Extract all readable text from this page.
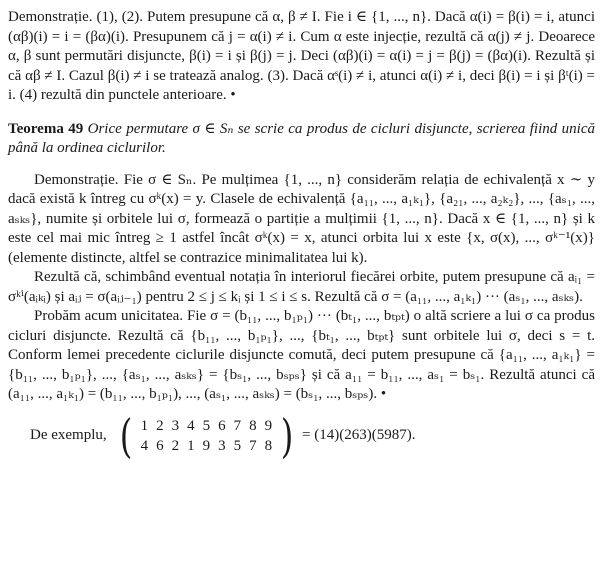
Demonstrație. (1), (2). Putem presupune că α, β ≠ I. Fie i ∈ {1, ..., n}. Dacă α(i) = β(i) = i, atunci (αβ)(i) = i = (βα)(i). Presupunem că j = α(i) ≠ i. Cum α este injecție, rezultă că α(j) ≠ j. Deoarece α, β sunt permutări disjuncte, β(i) = i și β(j) = j. Deci (αβ)(i) = α(i) = j = β(j) = (βα)(i). Rezultă și că αβ ≠ I. Cazul β(i) ≠ i se tratează analog. (3). Dacă αˢ(i) ≠ i, atunci α(i) ≠ i, deci β(i) = i și βᵗ(i) = i. (4) rezultă din punctele anterioare. •

Teorema 49 Orice permutare σ ∈ Sₙ se scrie ca produs de cicluri disjuncte, scrierea fiind unică până la ordinea ciclurilor.

Demonstrație. Fie σ ∈ Sₙ. Pe mulțimea {1, ..., n} considerăm relația de echivalență x ∼ y dacă există k întreg cu σᵏ(x) = y. Clasele de echivalență {a₁₁, ..., a₁ₖ₁}, {a₂₁, ..., a₂ₖ₂}, ..., {aₛ₁, ..., aₛₖₛ}, numite și orbitele lui σ, formează o partiție a mulțimii {1, ..., n}. Dacă x ∈ {1, ..., n} și k este cel mai mic întreg ≥ 1 astfel încât σᵏ(x) = x, atunci orbita lui x este {x, σ(x), ..., σᵏ⁻¹(x)} (elemente distincte, altfel se contrazice minimalitatea lui k).

Rezultă că, schimbând eventual notația în interiorul fiecărei orbite, putem presupune că aᵢ₁ = σᵏⁱ(aᵢₖᵢ) și aᵢⱼ = σ(aᵢⱼ₋₁) pentru 2 ≤ j ≤ kᵢ și 1 ≤ i ≤ s. Rezultă că σ = (a₁₁, ..., a₁ₖ₁) ··· (aₛ₁, ..., aₛₖₛ).

Probăm acum unicitatea. Fie σ = (b₁₁, ..., b₁ₚ₁) ··· (bₜ₁, ..., bₜₚₜ) o altă scriere a lui σ ca produs cicluri disjuncte. Rezultă că {b₁₁, ..., b₁ₚ₁}, ..., {bₜ₁, ..., bₜₚₜ} sunt orbitele lui σ, deci s = t. Conform lemei precedente ciclurile disjuncte comută, deci putem presupune că {a₁₁, ..., a₁ₖ₁} = {b₁₁, ..., b₁ₚ₁}, ..., {aₛ₁, ..., aₛₖₛ} = {bₛ₁, ..., bₛₚₛ} și că a₁₁ = b₁₁, ..., aₛ₁ = bₛ₁. Rezultă atunci că (a₁₁, ..., a₁ₖ₁) = (b₁₁, ..., b₁ₚ₁), ..., (aₛ₁, ..., aₛₖₛ) = (bₛ₁, ..., bₛₚₛ). •

De exemplu, ( 1	2	3	4	5	6	7	8	9
4	6	2	1	9	3	5	7	8 ) = (14)(263)(5987).
